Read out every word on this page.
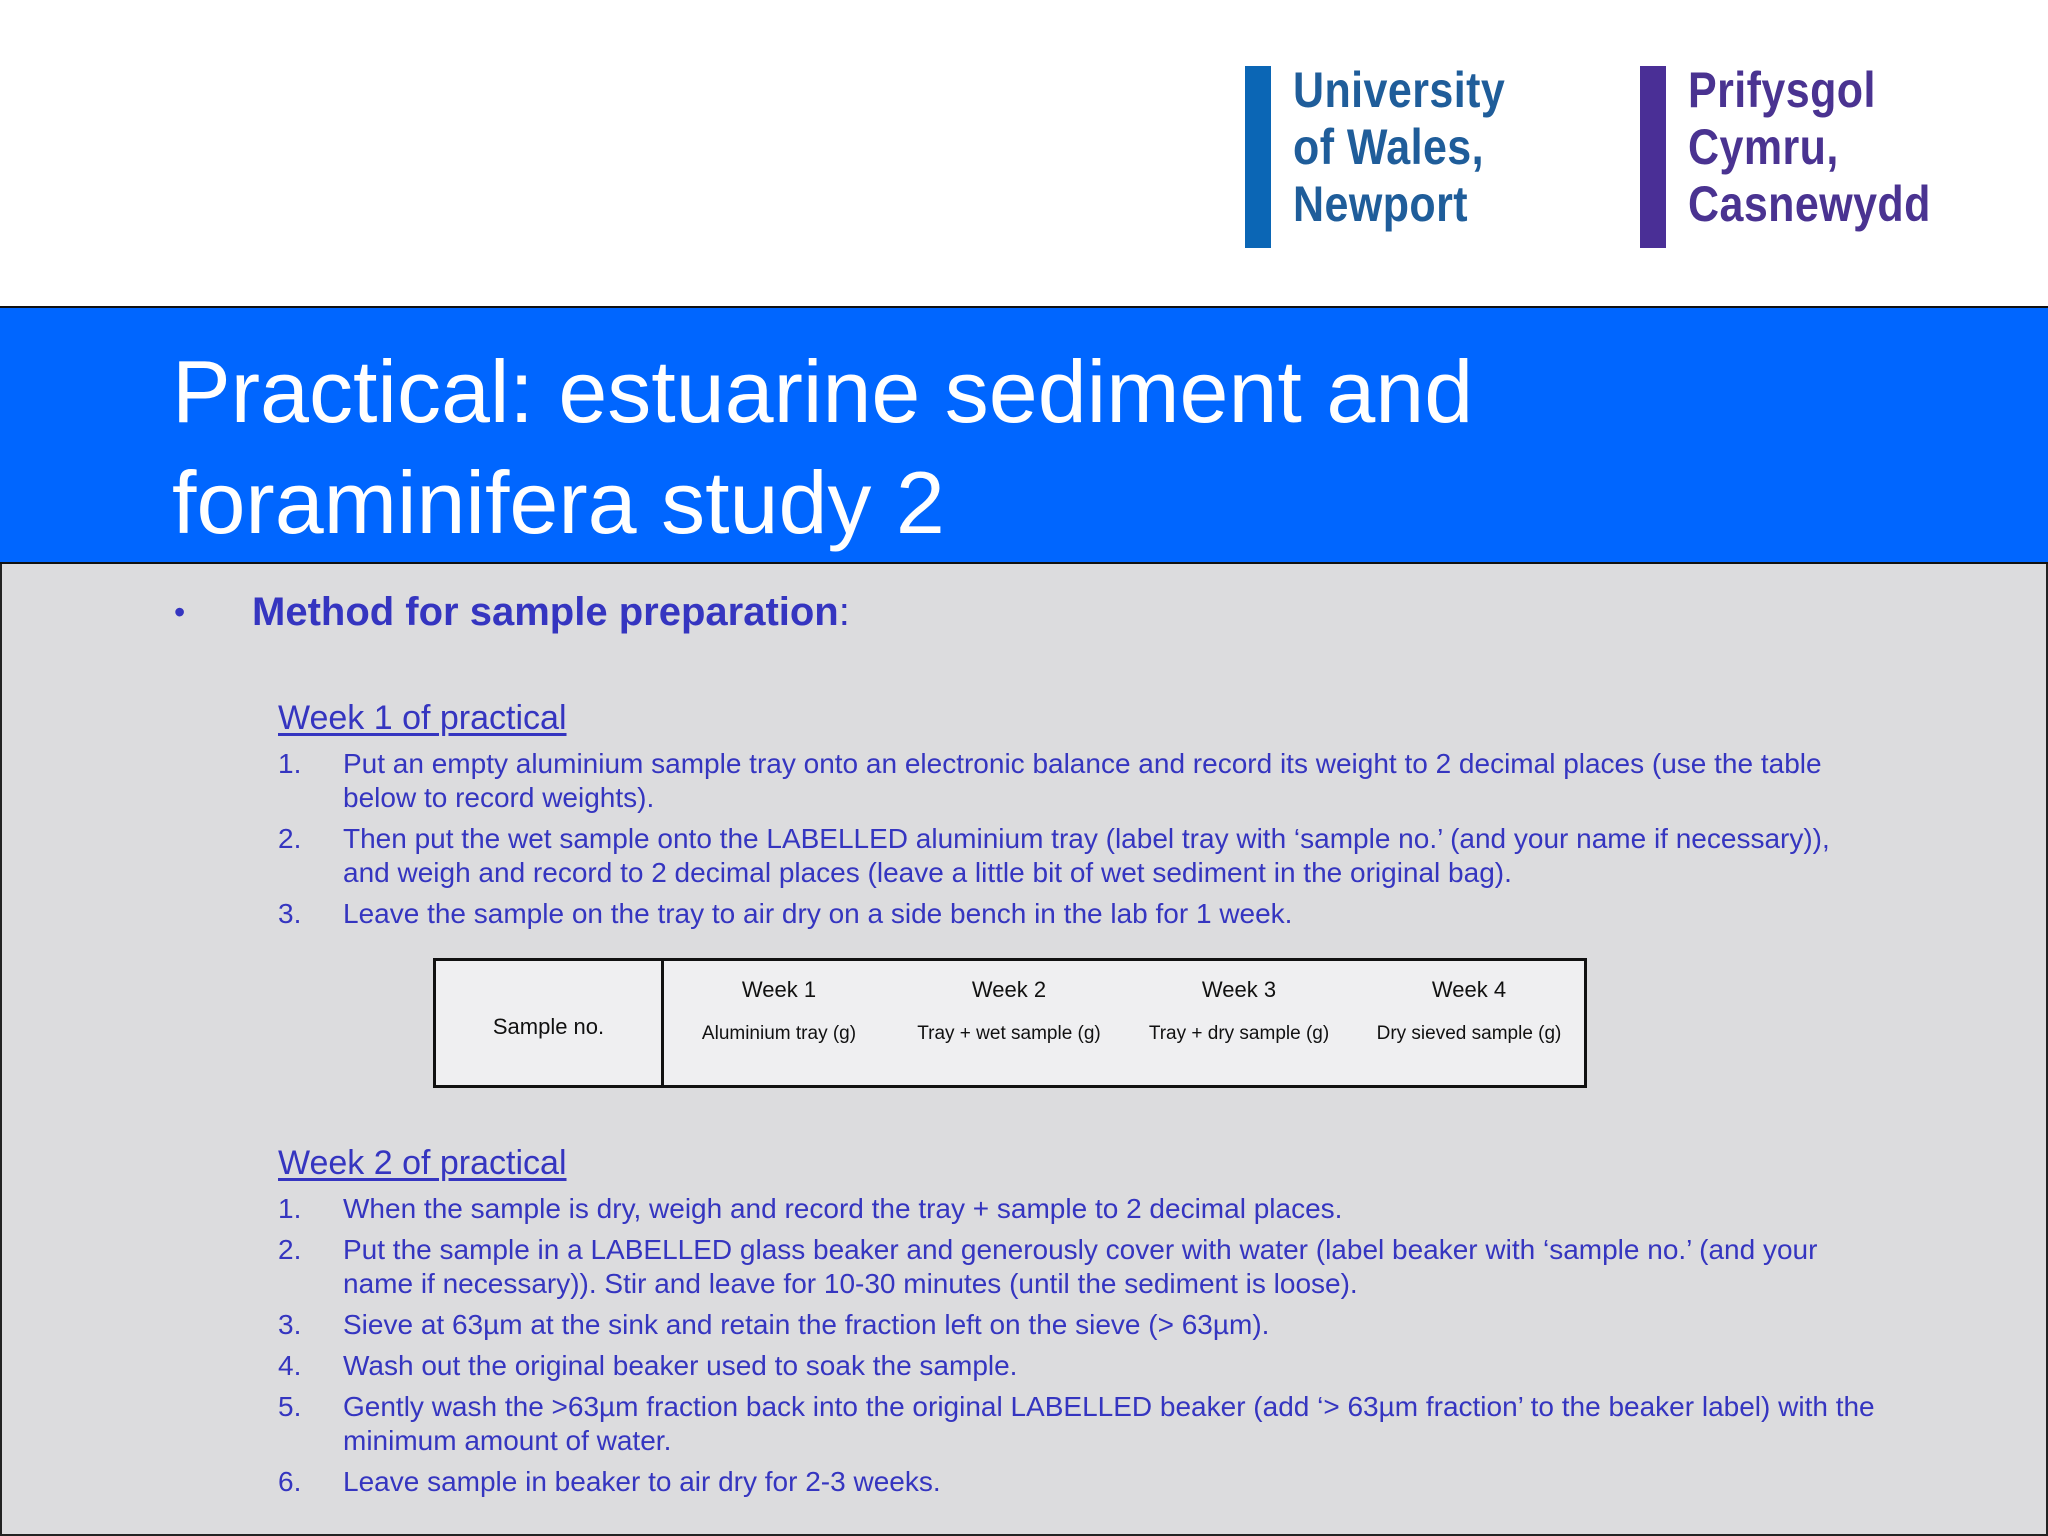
University
of Wales,
Newport
Prifysgol
Cymru,
Casnewydd
Practical: estuarine sediment and foraminifera study 2
• Method for sample preparation:
Week 1 of practical
1. Put an empty aluminium sample tray onto an electronic balance and record its weight to 2 decimal places (use the table below to record weights).
2. Then put the wet sample onto the LABELLED aluminium tray (label tray with ‘sample no.’ (and your name if necessary)), and weigh and record to 2 decimal places (leave a little bit of wet sediment in the original bag).
3. Leave the sample on the tray to air dry on a side bench in the lab for 1 week.
Sample no.
Week 1
Aluminium tray (g)
Week 2
Tray + wet sample (g)
Week 3
Tray + dry sample (g)
Week 4
Dry sieved sample (g)
Week 2 of practical
1. When the sample is dry, weigh and record the tray + sample to 2 decimal places.
2. Put the sample in a LABELLED glass beaker and generously cover with water (label beaker with ‘sample no.’ (and your name if necessary)). Stir and leave for 10-30 minutes (until the sediment is loose).
3. Sieve at 63µm at the sink and retain the fraction left on the sieve (> 63µm).
4. Wash out the original beaker used to soak the sample.
5. Gently wash the >63µm fraction back into the original LABELLED beaker (add ‘> 63µm fraction’ to the beaker label) with the minimum amount of water.
6. Leave sample in beaker to air dry for 2-3 weeks.
